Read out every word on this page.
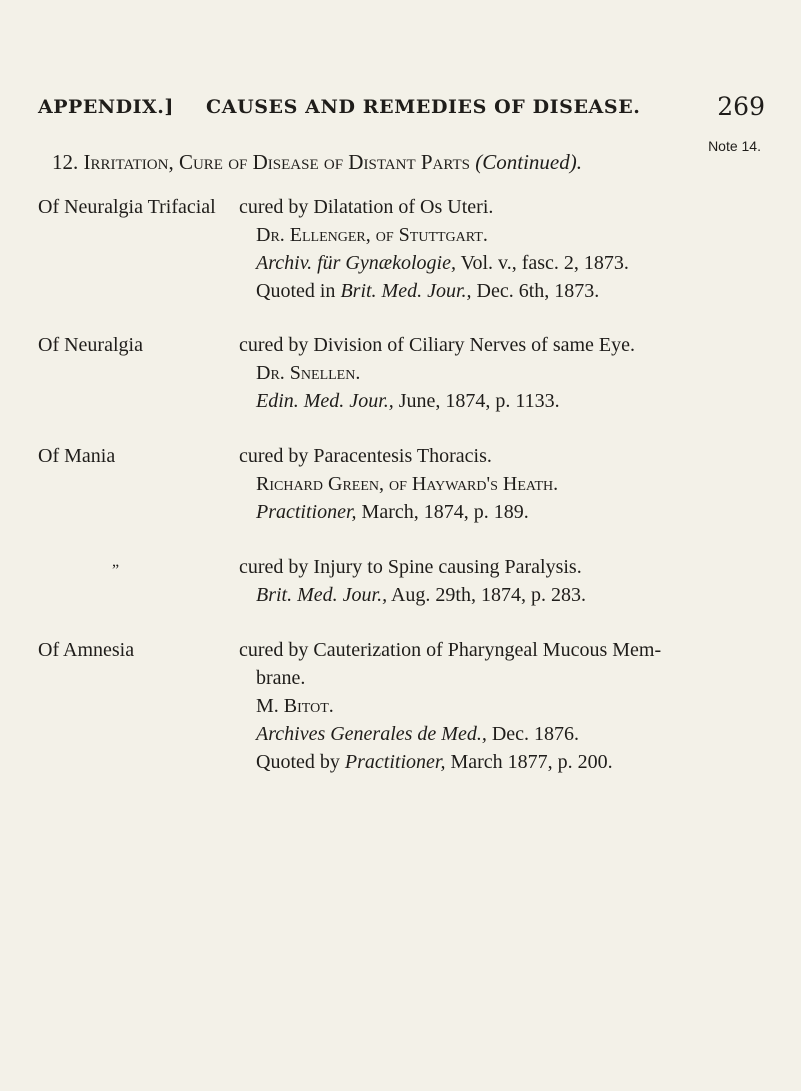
APPENDIX.] CAUSES AND REMEDIES OF DISEASE.	269
Note 14.
12. Irritation, Cure of Disease of Distant Parts (Continued).
Of Neuralgia Trifacial cured by Dilatation of Os Uteri.
Dr. Ellenger, of Stuttgart.
Archiv. für Gynækologie, Vol. v., fasc. 2, 1873.
Quoted in Brit. Med. Jour., Dec. 6th, 1873.
Of Neuralgia	cured by Division of Ciliary Nerves of same Eye.
Dr. Snellen.
Edin. Med. Jour., June, 1874, p. 1133.
Of Mania	cured by Paracentesis Thoracis.
Richard Green, of Hayward's Heath.
Practitioner, March, 1874, p. 189.
„	cured by Injury to Spine causing Paralysis.
Brit. Med. Jour., Aug. 29th, 1874, p. 283.
Of Amnesia	cured by Cauterization of Pharyngeal Mucous Mem-
brane.
M. Bitot.
Archives Generales de Med., Dec. 1876.
Quoted by Practitioner, March 1877, p. 200.
